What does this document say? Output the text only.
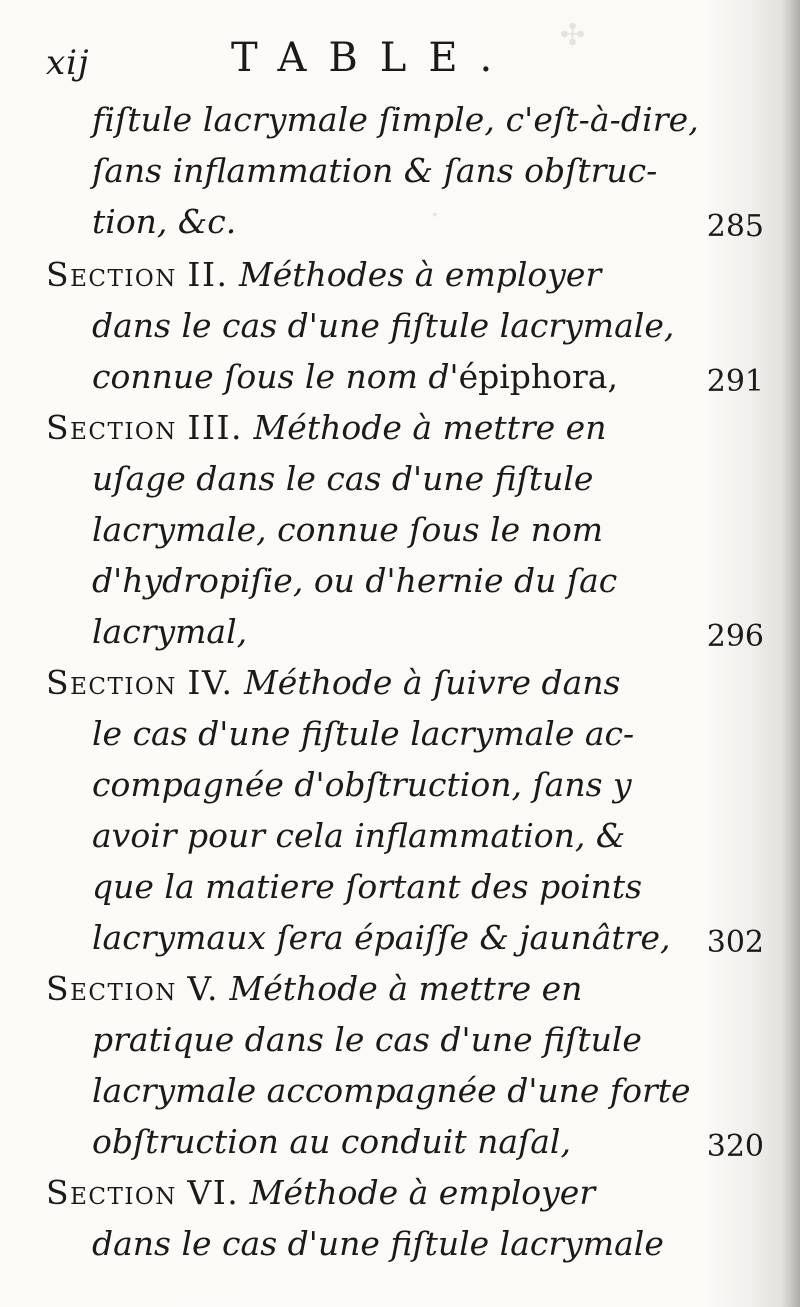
✣
·
xij	TABLE.
fiſtule lacrymale ſimple, c'eſt-à-dire,
ſans inflammation & ſans obſtruc-
tion, &c.	285
Section II. Méthodes à employer
dans le cas d'une fiſtule lacrymale,
connue ſous le nom d'épiphora,	291
Section III. Méthode à mettre en
uſage dans le cas d'une fiſtule
lacrymale, connue ſous le nom
d'hydropiſie, ou d'hernie du ſac
lacrymal,	296
Section IV. Méthode à ſuivre dans
le cas d'une fiſtule lacrymale ac-
compagnée d'obſtruction, ſans y
avoir pour cela inflammation, &
que la matiere ſortant des points
lacrymaux ſera épaiſſe & jaunâtre, 302
Section V. Méthode à mettre en
pratique dans le cas d'une fiſtule
lacrymale accompagnée d'une forte
obſtruction au conduit naſal,	320
Section VI. Méthode à employer
dans le cas d'une fiſtule lacrymale
